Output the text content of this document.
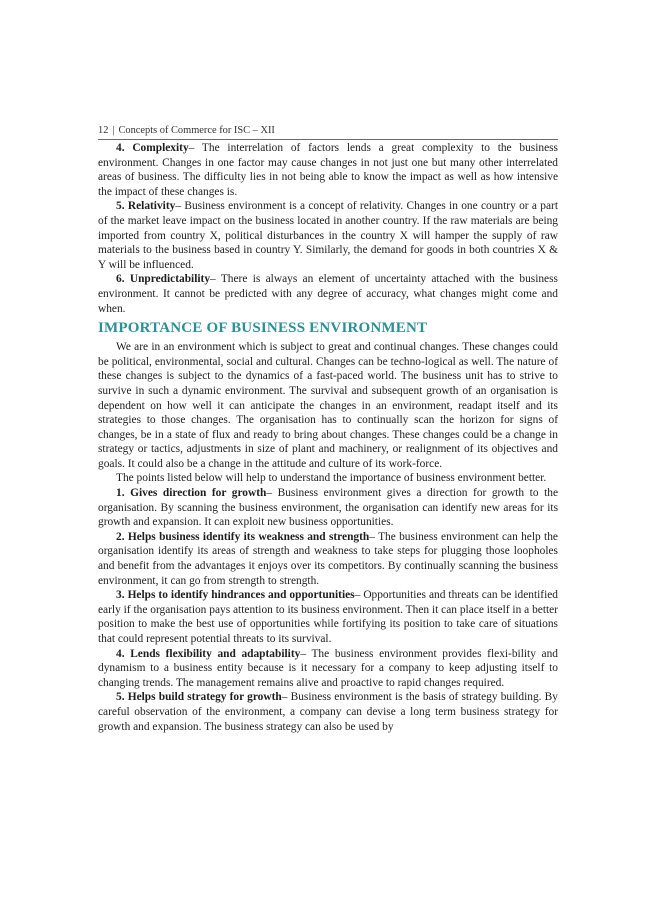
12 | Concepts of Commerce for ISC – XII

4. Complexity– The interrelation of factors lends a great complexity to the business environment. Changes in one factor may cause changes in not just one but many other interrelated areas of business. The difficulty lies in not being able to know the impact as well as how intensive the impact of these changes is.

5. Relativity– Business environment is a concept of relativity. Changes in one country or a part of the market leave impact on the business located in another country. If the raw materials are being imported from country X, political disturbances in the country X will hamper the supply of raw materials to the business based in country Y. Similarly, the demand for goods in both countries X & Y will be influenced.

6. Unpredictability– There is always an element of uncertainty attached with the business environment. It cannot be predicted with any degree of accuracy, what changes might come and when.

IMPORTANCE OF BUSINESS ENVIRONMENT

We are in an environment which is subject to great and continual changes. These changes could be political, environmental, social and cultural. Changes can be techno-logical as well. The nature of these changes is subject to the dynamics of a fast-paced world. The business unit has to strive to survive in such a dynamic environment. The survival and subsequent growth of an organisation is dependent on how well it can anticipate the changes in an environment, readapt itself and its strategies to those changes. The organisation has to continually scan the horizon for signs of changes, be in a state of flux and ready to bring about changes. These changes could be a change in strategy or tactics, adjustments in size of plant and machinery, or realignment of its objectives and goals. It could also be a change in the attitude and culture of its work-force.

The points listed below will help to understand the importance of business environment better.

1. Gives direction for growth– Business environment gives a direction for growth to the organisation. By scanning the business environment, the organisation can identify new areas for its growth and expansion. It can exploit new business opportunities.

2. Helps business identify its weakness and strength– The business environment can help the organisation identify its areas of strength and weakness to take steps for plugging those loopholes and benefit from the advantages it enjoys over its competitors. By continually scanning the business environment, it can go from strength to strength.

3. Helps to identify hindrances and opportunities– Opportunities and threats can be identified early if the organisation pays attention to its business environment. Then it can place itself in a better position to make the best use of opportunities while fortifying its position to take care of situations that could represent potential threats to its survival.

4. Lends flexibility and adaptability– The business environment provides flexi-bility and dynamism to a business entity because is it necessary for a company to keep adjusting itself to changing trends. The management remains alive and proactive to rapid changes required.

5. Helps build strategy for growth– Business environment is the basis of strategy building. By careful observation of the environment, a company can devise a long term business strategy for growth and expansion. The business strategy can also be used by
